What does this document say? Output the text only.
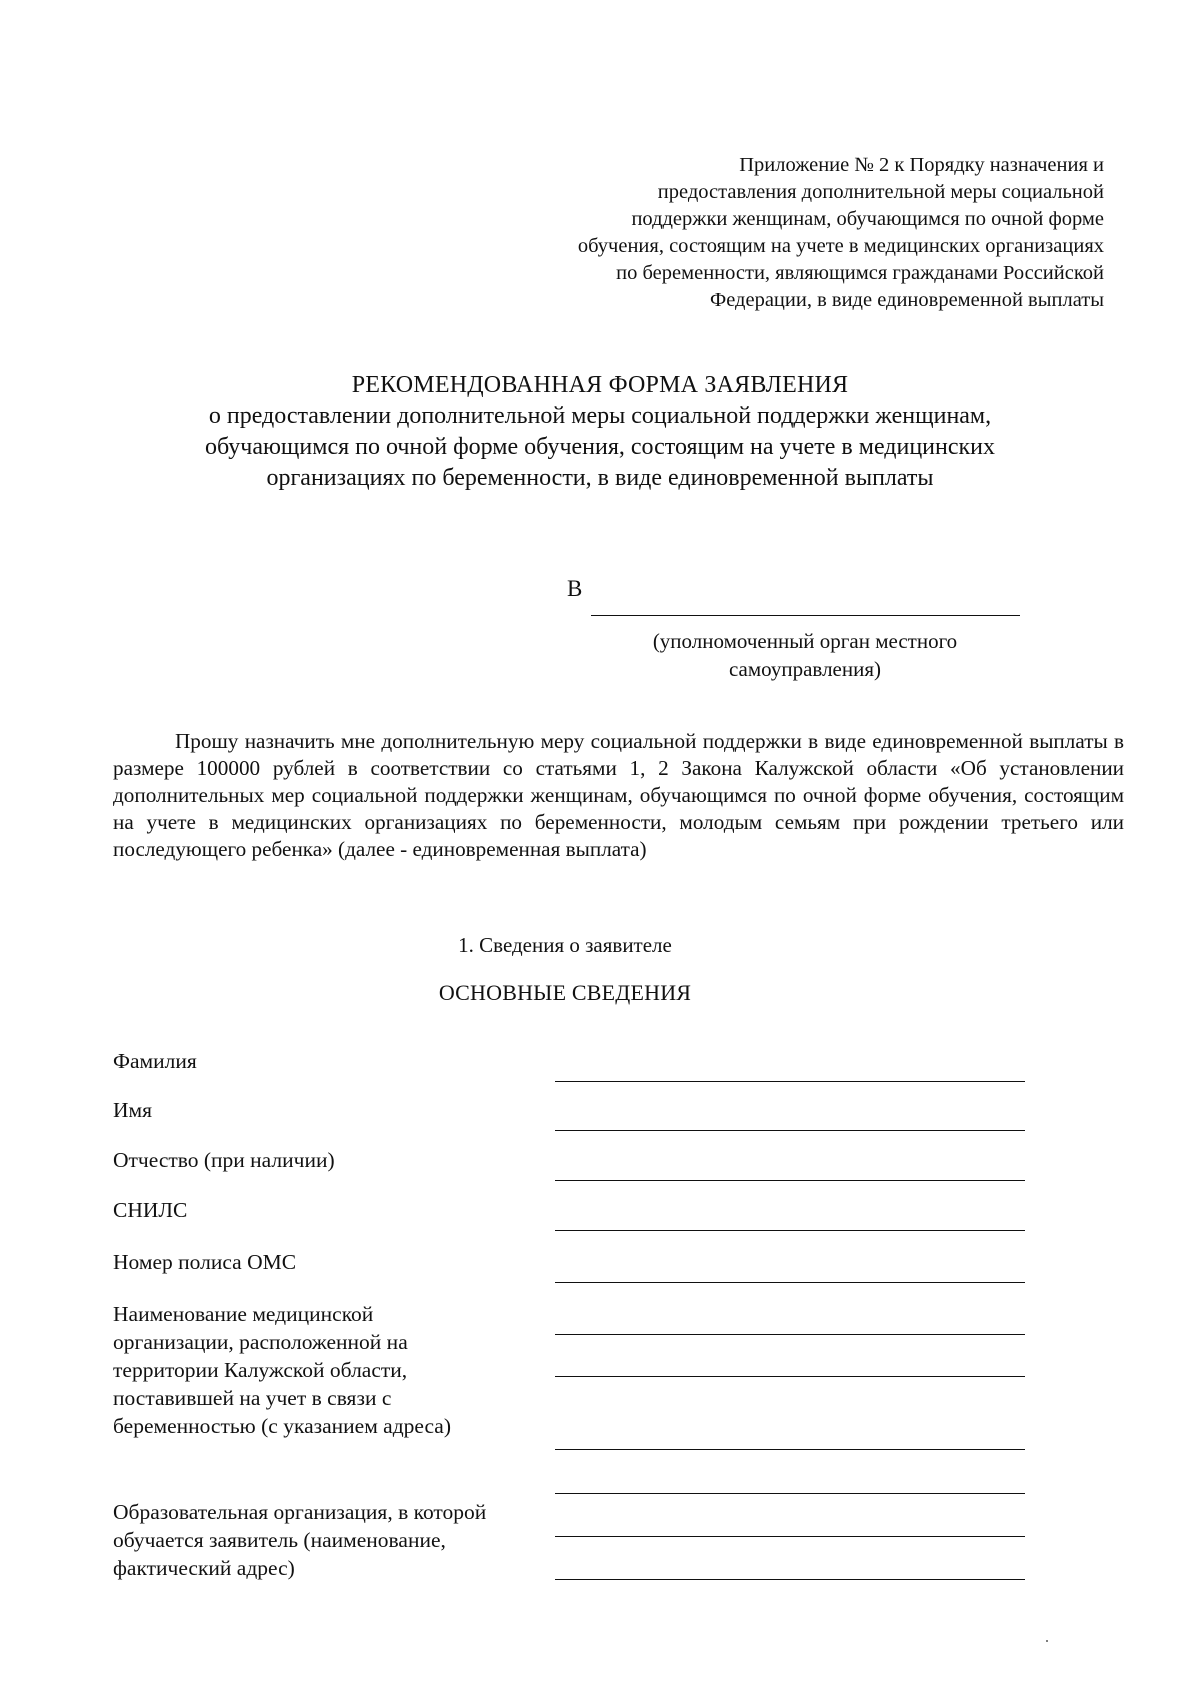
Приложение № 2 к Порядку назначения и
предоставления дополнительной меры социальной
поддержки женщинам, обучающимся по очной форме
обучения, состоящим на учете в медицинских организациях
по беременности, являющимся гражданами Российской
Федерации, в виде единовременной выплаты
РЕКОМЕНДОВАННАЯ ФОРМА ЗАЯВЛЕНИЯ
о предоставлении дополнительной меры социальной поддержки женщинам,
обучающимся по очной форме обучения, состоящим на учете в медицинских
организациях по беременности, в виде единовременной выплаты
В
(уполномоченный орган местного
самоуправления)
Прошу назначить мне дополнительную меру социальной поддержки в виде единовременной выплаты в размере 100000 рублей в соответствии со статьями 1, 2 Закона Калужской области «Об установлении дополнительных мер социальной поддержки женщинам, обучающимся по очной форме обучения, состоящим на учете в медицинских организациях по беременности, молодым семьям при рождении третьего или последующего ребенка» (далее - единовременная выплата)
1. Сведения о заявителе
ОСНОВНЫЕ СВЕДЕНИЯ
Фамилия
Имя
Отчество (при наличии)
СНИЛС
Номер полиса ОМС
Наименование медицинской
организации, расположенной на
территории Калужской области,
поставившей на учет в связи с
беременностью (с указанием адреса)
Образовательная организация, в которой
обучается заявитель (наименование,
фактический адрес)
